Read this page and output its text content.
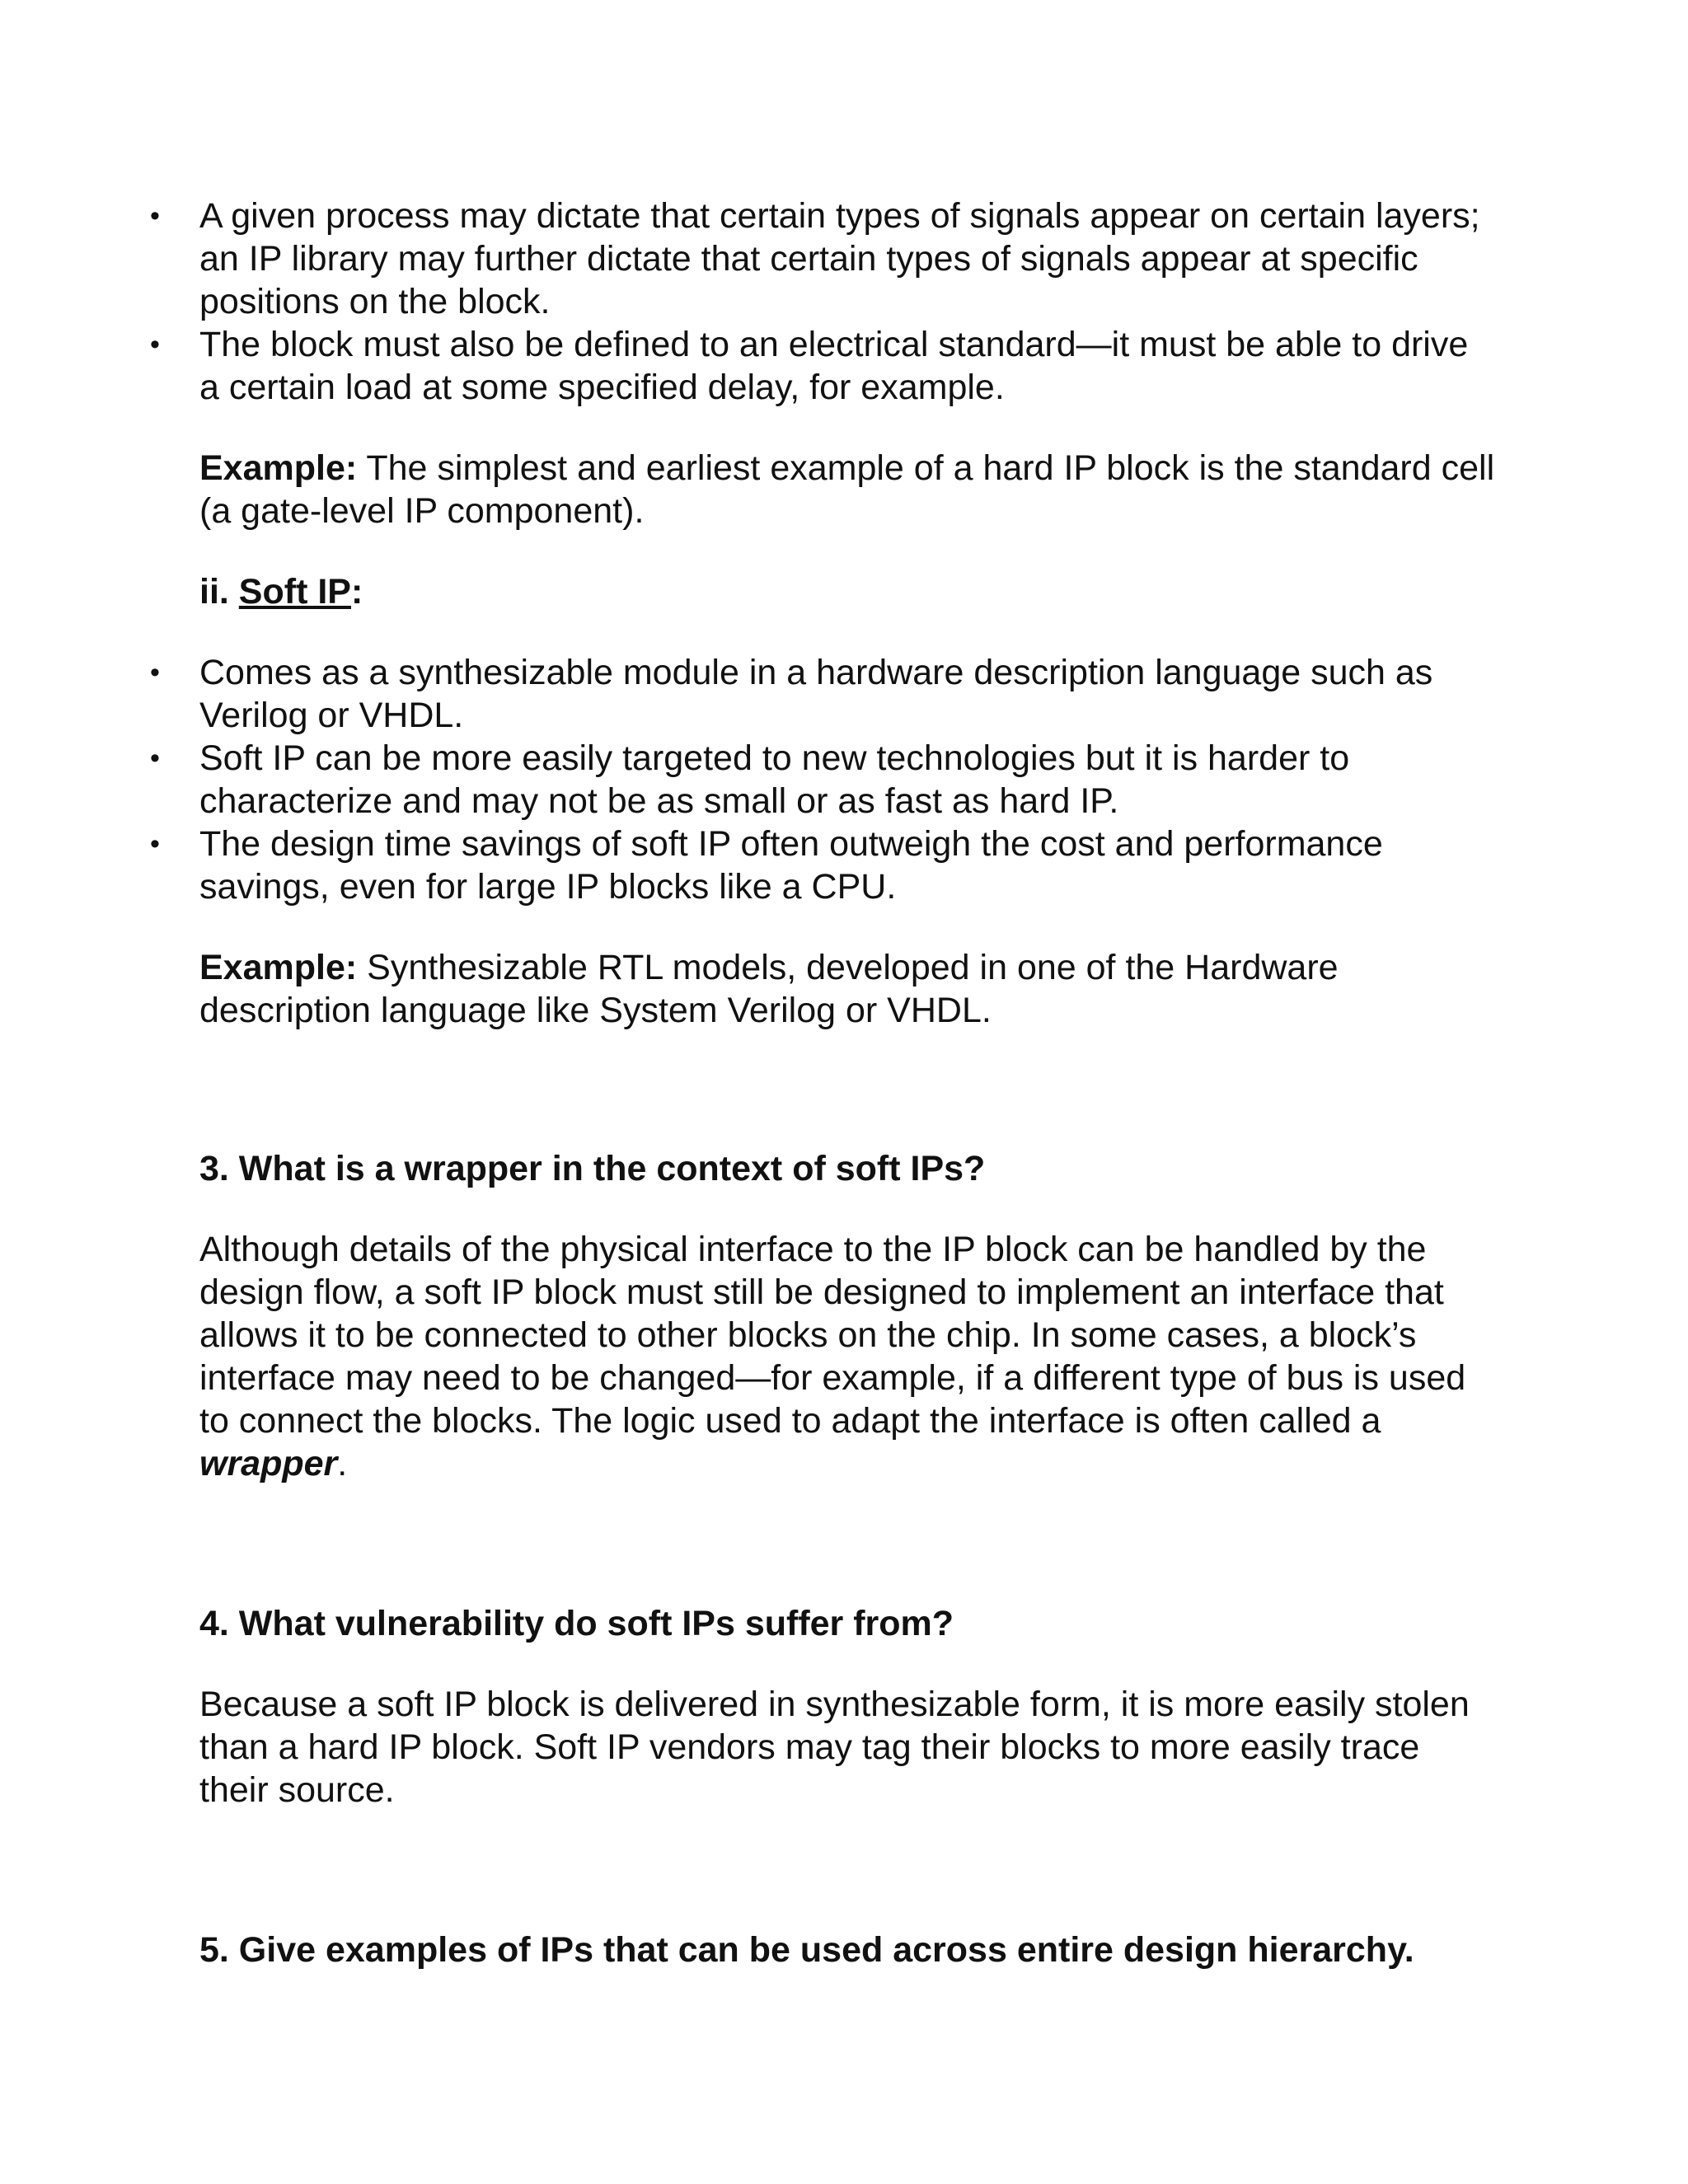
• A given process may dictate that certain types of signals appear on certain layers; an IP library may further dictate that certain types of signals appear at specific positions on the block.
• The block must also be defined to an electrical standard—it must be able to drive a certain load at some specified delay, for example.

Example: The simplest and earliest example of a hard IP block is the standard cell (a gate-level IP component).

ii. Soft IP:

• Comes as a synthesizable module in a hardware description language such as Verilog or VHDL.
• Soft IP can be more easily targeted to new technologies but it is harder to characterize and may not be as small or as fast as hard IP.
• The design time savings of soft IP often outweigh the cost and performance savings, even for large IP blocks like a CPU.

Example: Synthesizable RTL models, developed in one of the Hardware description language like System Verilog or VHDL.

3. What is a wrapper in the context of soft IPs?

Although details of the physical interface to the IP block can be handled by the design flow, a soft IP block must still be designed to implement an interface that allows it to be connected to other blocks on the chip. In some cases, a block’s interface may need to be changed—for example, if a different type of bus is used to connect the blocks. The logic used to adapt the interface is often called a wrapper.

4. What vulnerability do soft IPs suffer from?

Because a soft IP block is delivered in synthesizable form, it is more easily stolen than a hard IP block. Soft IP vendors may tag their blocks to more easily trace their source.

5. Give examples of IPs that can be used across entire design hierarchy.
